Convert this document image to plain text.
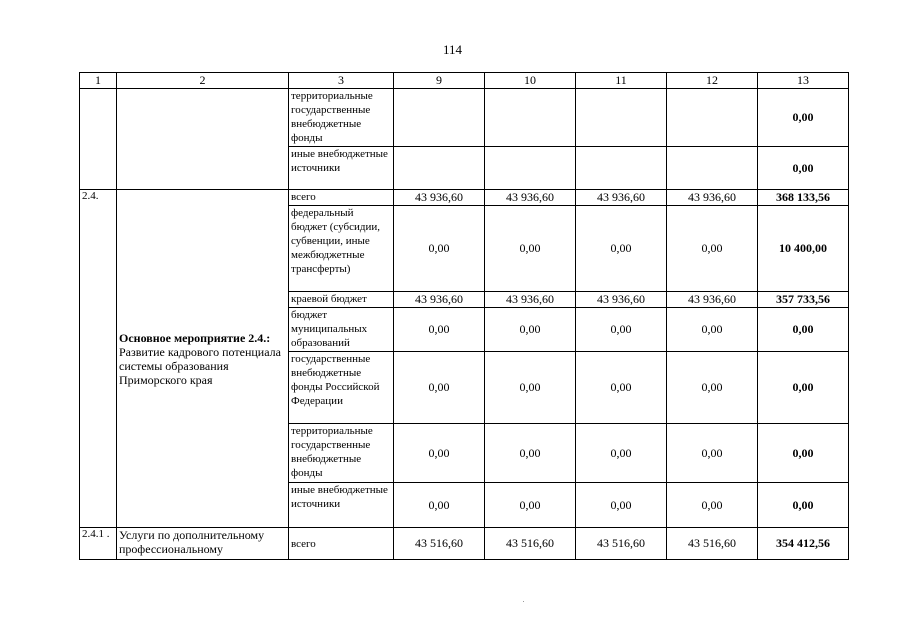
114
1	2	3	9	10	11	12	13
		территориальные государственные внебюджетные фонды					0,00
		иные внебюджетные источники					0,00
2.4.	Основное мероприятие 2.4.: Развитие кадрового потенциала системы образования Приморского края	всего	43 936,60	43 936,60	43 936,60	43 936,60	368 133,56
		федеральный бюджет (субсидии, субвенции, иные межбюджетные трансферты)	0,00	0,00	0,00	0,00	10 400,00
		краевой бюджет	43 936,60	43 936,60	43 936,60	43 936,60	357 733,56
		бюджет муниципальных образований	0,00	0,00	0,00	0,00	0,00
		государственные внебюджетные фонды Российской Федерации	0,00	0,00	0,00	0,00	0,00
		территориальные государственные внебюджетные фонды	0,00	0,00	0,00	0,00	0,00
		иные внебюджетные источники	0,00	0,00	0,00	0,00	0,00
2.4.1 .	Услуги по дополнительному профессиональному	всего	43 516,60	43 516,60	43 516,60	43 516,60	354 412,56
